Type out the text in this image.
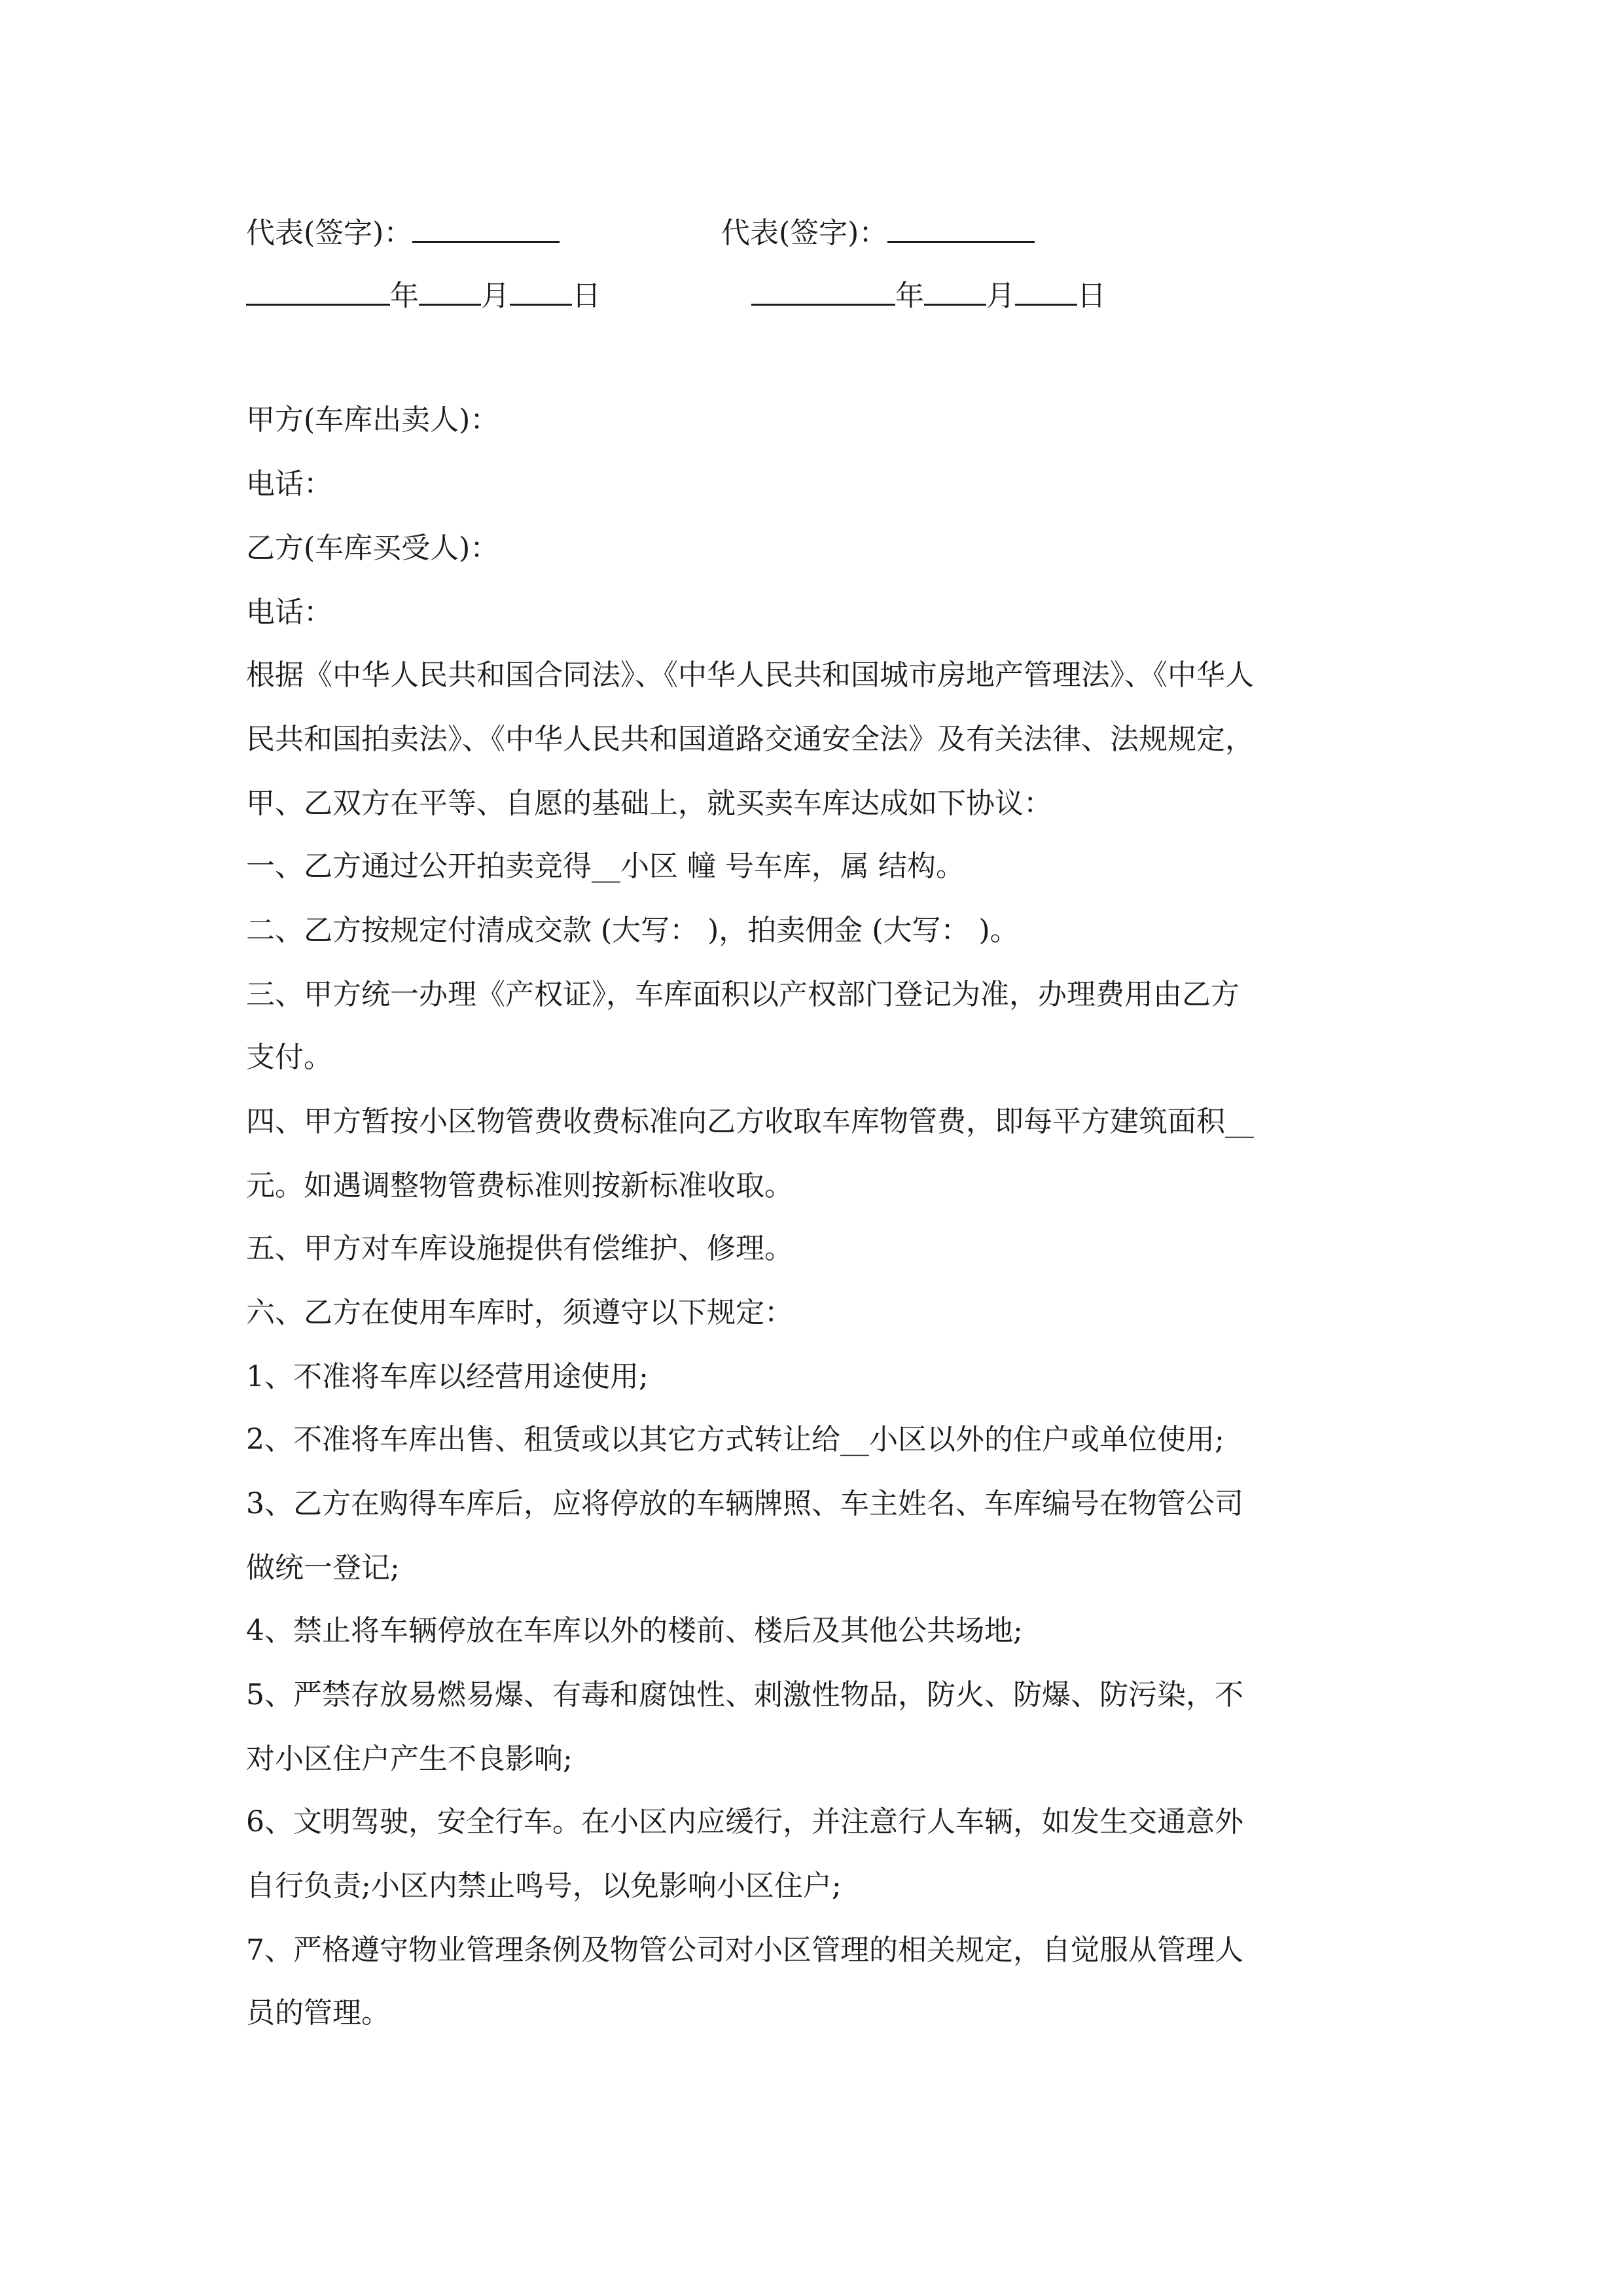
代表(签字)：	代表(签字)：
年 月 日	年 月 日
甲方(车库出卖人)：
电话：
乙方(车库买受人)：
电话：
根据《中华人民共和国合同法》、《中华人民共和国城市房地产管理法》、《中华人
民共和国拍卖法》、《中华人民共和国道路交通安全法》及有关法律、法规规定，
甲、乙双方在平等、自愿的基础上，就买卖车库达成如下协议：
一、乙方通过公开拍卖竞得__小区 幢 号车库，属 结构。
二、乙方按规定付清成交款 (大写： )，拍卖佣金 (大写： )。
三、甲方统一办理《产权证》，车库面积以产权部门登记为准，办理费用由乙方
支付。
四、甲方暂按小区物管费收费标准向乙方收取车库物管费，即每平方建筑面积__
元。如遇调整物管费标准则按新标准收取。
五、甲方对车库设施提供有偿维护、修理。
六、乙方在使用车库时，须遵守以下规定：
1、不准将车库以经营用途使用;
2、不准将车库出售、租赁或以其它方式转让给__小区以外的住户或单位使用;
3、乙方在购得车库后，应将停放的车辆牌照、车主姓名、车库编号在物管公司
做统一登记;
4、禁止将车辆停放在车库以外的楼前、楼后及其他公共场地;
5、严禁存放易燃易爆、有毒和腐蚀性、刺激性物品，防火、防爆、防污染，不
对小区住户产生不良影响;
6、文明驾驶，安全行车。在小区内应缓行，并注意行人车辆，如发生交通意外
自行负责;小区内禁止鸣号，以免影响小区住户;
7、严格遵守物业管理条例及物管公司对小区管理的相关规定，自觉服从管理人
员的管理。
